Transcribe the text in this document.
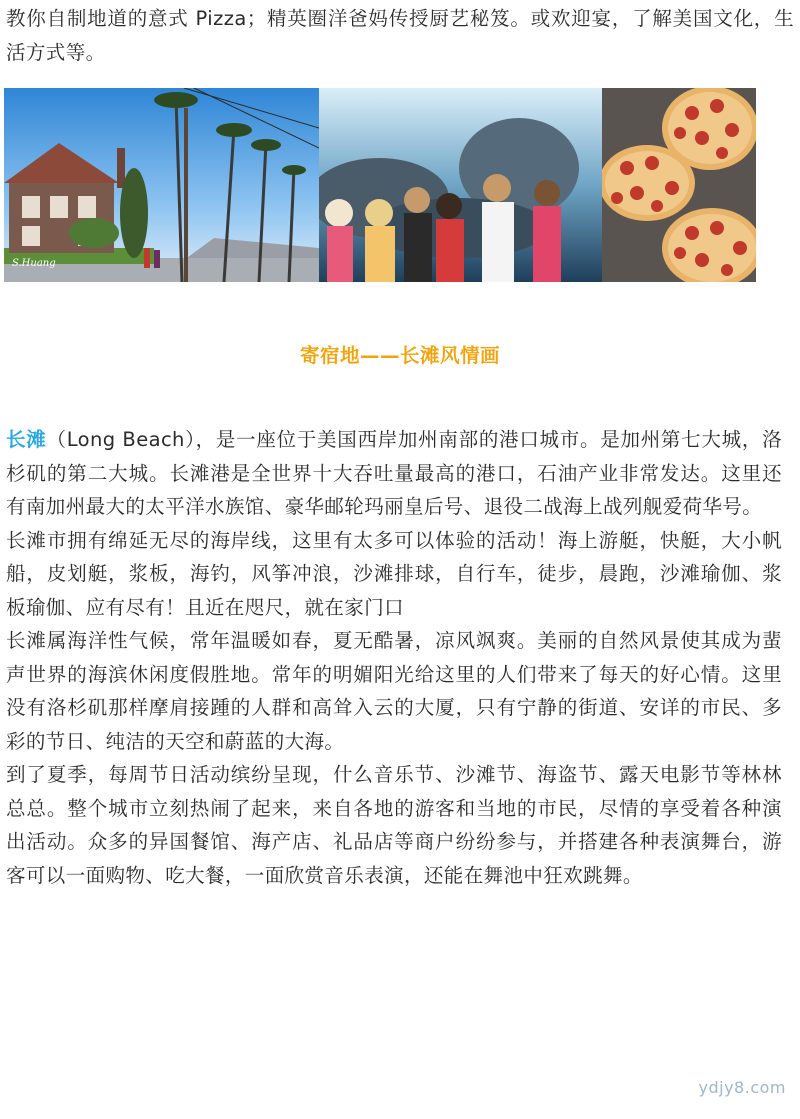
教你自制地道的意式 Pizza；精英圈洋爸妈传授厨艺秘笈。或欢迎宴，了解美国文化，生活方式等。

S.Huang
寄宿地——长滩风情画

长滩（Long Beach），是一座位于美国西岸加州南部的港口城市。是加州第七大城，洛杉矶的第二大城。长滩港是全世界十大吞吐量最高的港口，石油产业非常发达。这里还有南加州最大的太平洋水族馆、豪华邮轮玛丽皇后号、退役二战海上战列舰爱荷华号。

长滩市拥有绵延无尽的海岸线，这里有太多可以体验的活动！海上游艇，快艇，大小帆船，皮划艇，浆板，海钓，风筝冲浪，沙滩排球，自行车，徒步，晨跑，沙滩瑜伽、浆板瑜伽、应有尽有！且近在咫尺，就在家门口

长滩属海洋性气候，常年温暖如春，夏无酷暑，凉风飒爽。美丽的自然风景使其成为蜚声世界的海滨休闲度假胜地。常年的明媚阳光给这里的人们带来了每天的好心情。这里没有洛杉矶那样摩肩接踵的人群和高耸入云的大厦，只有宁静的街道、安详的市民、多彩的节日、纯洁的天空和蔚蓝的大海。

到了夏季，每周节日活动缤纷呈现，什么音乐节、沙滩节、海盗节、露天电影节等林林总总。整个城市立刻热闹了起来，来自各地的游客和当地的市民，尽情的享受着各种演出活动。众多的异国餐馆、海产店、礼品店等商户纷纷参与，并搭建各种表演舞台，游客可以一面购物、吃大餐，一面欣赏音乐表演，还能在舞池中狂欢跳舞。

ydjy8.com
